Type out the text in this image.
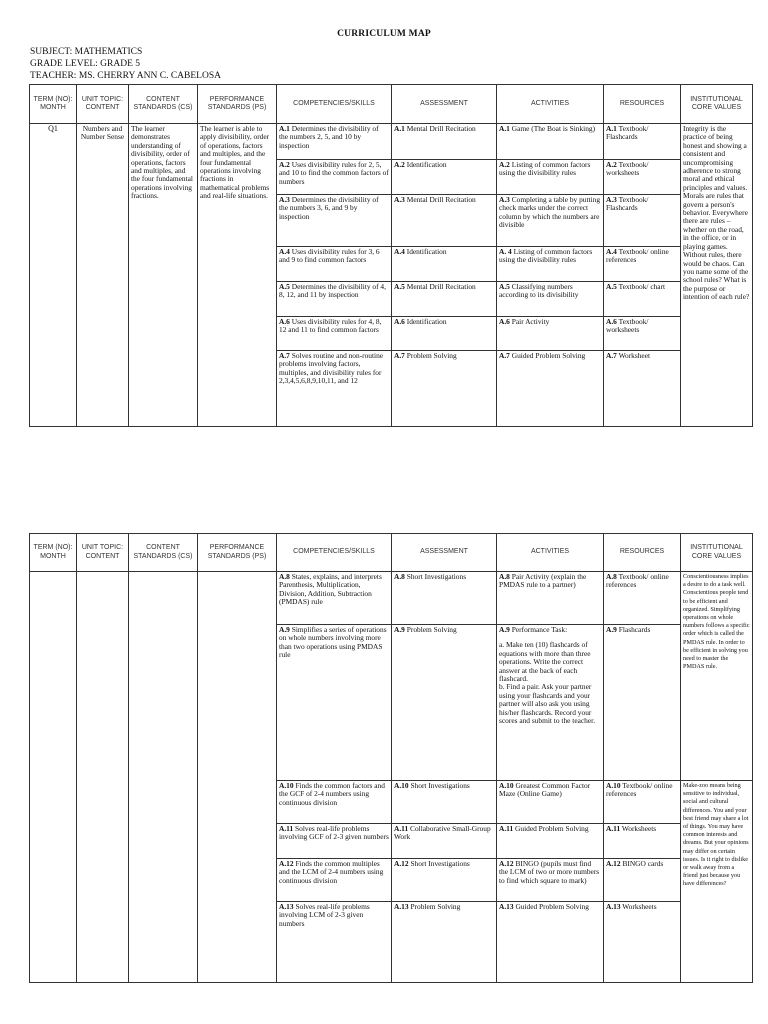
CURRICULUM MAP
SUBJECT: MATHEMATICS
GRADE LEVEL: GRADE 5
TEACHER: MS. CHERRY ANN C. CABELOSA
TERM (NO): MONTH	UNIT TOPIC: CONTENT	CONTENT STANDARDS (CS)	PERFORMANCE STANDARDS (PS)	COMPETENCIES/SKILLS	ASSESSMENT	ACTIVITIES	RESOURCES	INSTITUTIONAL CORE VALUES
Q1	Numbers and Number Sense	The learner demonstrates understanding of divisibility, order of operations, factors and multiples, and the four fundamental operations involving fractions.	The learner is able to apply divisibility, order of operations, factors and multiples, and the four fundamental operations involving fractions in mathematical problems and real-life situations.	A.1 Determines the divisibility of the numbers 2, 5, and 10 by inspection	A.1 Mental Drill Recitation	A.1 Game (The Boat is Sinking)	A.1 Textbook/ Flashcards	Integrity is the practice of being honest and showing a consistent and uncompromising adherence to strong moral and ethical principles and values. Morals are rules that govern a person's behavior. Everywhere there are rules – whether on the road, in the office, or in playing games. Without rules, there would be chaos. Can you name some of the school rules? What is the purpose or intention of each rule?
				A.2 Uses divisibility rules for 2, 5, and 10 to find the common factors of numbers	A.2 Identification	A.2 Listing of common factors using the divisibility rules	A.2 Textbook/ worksheets	
				A.3 Determines the divisibility of the numbers 3, 6, and 9 by inspection	A.3 Mental Drill Recitation	A.3 Completing a table by putting check marks under the correct column by which the numbers are divisible	A.3 Textbook/ Flashcards	
				A.4 Uses divisibility rules for 3, 6 and 9 to find common factors	A.4 Identification	A. 4 Listing of common factors using the divisibility rules	A.4 Textbook/ online references	
				A.5 Determines the divisibility of 4, 8, 12, and 11 by inspection	A.5 Mental Drill Recitation	A.5 Classifying numbers according to its divisibility	A.5 Textbook/ chart	
				A.6 Uses divisibility rules for 4, 8, 12 and 11 to find common factors	A.6 Identification	A.6 Pair Activity	A.6 Textbook/ worksheets	
				A.7 Solves routine and non-routine problems involving factors, multiples, and divisibility rules for 2,3,4,5,6,8,9,10,11, and 12	A.7 Problem Solving	A.7 Guided Problem Solving	A.7 Worksheet	
TERM (NO): MONTH	UNIT TOPIC: CONTENT	CONTENT STANDARDS (CS)	PERFORMANCE STANDARDS (PS)	COMPETENCIES/SKILLS	ASSESSMENT	ACTIVITIES	RESOURCES	INSTITUTIONAL CORE VALUES
				A.8 States, explains, and interprets Parenthesis, Multiplication, Division, Addition, Subtraction (PMDAS) rule	A.8 Short Investigations	A.8 Pair Activity (explain the PMDAS rule to a partner)	A.8 Textbook/ online references	Conscientiousness implies a desire to do a task well. Conscientious people tend to be efficient and organized. Simplifying operations on whole numbers follows a specific order which is called the PMDAS rule. In order to be efficient in solving you need to master the PMDAS rule.
				A.9 Simplifies a series of operations on whole numbers involving more than two operations using PMDAS rule	A.9 Problem Solving	A.9 Performance Task:
a. Make ten (10) flashcards of equations with more than three operations. Write the correct answer at the back of each flashcard.
b. Find a pair. Ask your partner using your flashcards and your partner will also ask you using his/her flashcards. Record your scores and submit to the teacher.	A.9 Flashcards	
				A.10 Finds the common factors and the GCF of 2-4 numbers using continuous division	A.10 Short Investigations	A.10 Greatest Common Factor Maze (Online Game)	A.10 Textbook/ online references	Make-zoo means being sensitive to individual, social and cultural differences. You and your best friend may share a lot of things. You may have common interests and dreams. But your opinions may differ on certain issues. Is it right to dislike or walk away from a friend just because you have differences?
				A.11 Solves real-life problems involving GCF of 2-3 given numbers	A.11 Collaborative Small-Group Work	A.11 Guided Problem Solving	A.11 Worksheets	
				A.12 Finds the common multiples and the LCM of 2-4 numbers using continuous division	A.12 Short Investigations	A.12 BINGO (pupils must find the LCM of two or more numbers to find which square to mark)	A.12 BINGO cards	
				A.13 Solves real-life problems involving LCM of 2-3 given numbers	A.13 Problem Solving	A.13 Guided Problem Solving	A.13 Worksheets	
